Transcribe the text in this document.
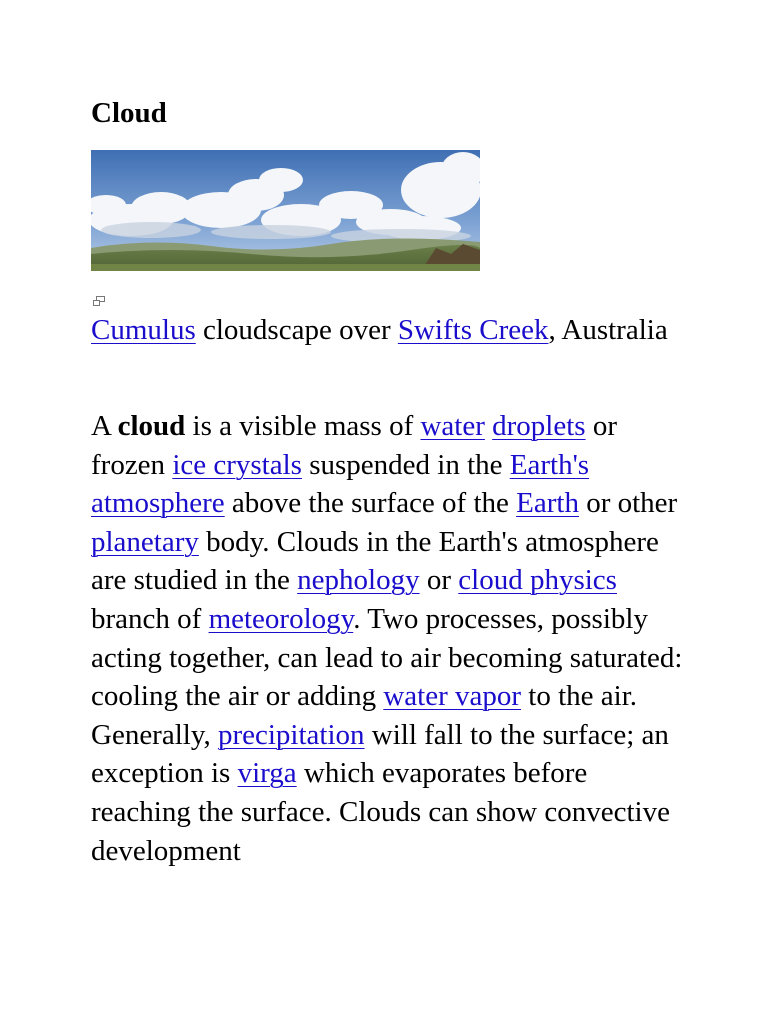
Cloud

Cumulus cloudscape over Swifts Creek, Australia

A cloud is a visible mass of water droplets or frozen ice crystals suspended in the Earth's atmosphere above the surface of the Earth or other planetary body. Clouds in the Earth's atmosphere are studied in the nephology or cloud physics branch of meteorology. Two processes, possibly acting together, can lead to air becoming saturated: cooling the air or adding water vapor to the air. Generally, precipitation will fall to the surface; an exception is virga which evaporates before reaching the surface. Clouds can show convective development
